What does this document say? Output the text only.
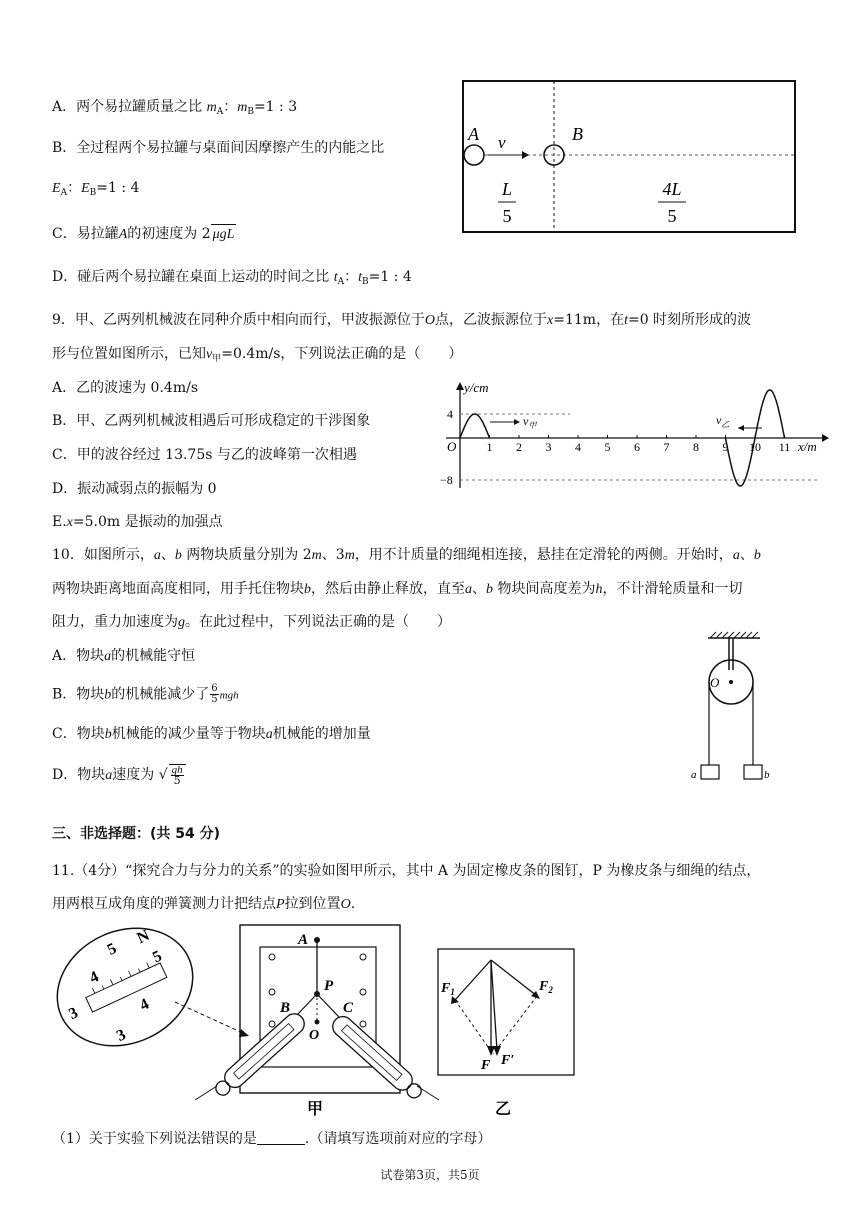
A．两个易拉罐质量之比 $m_A$：$m_B=1$ : 3
B．全过程两个易拉罐与桌面间因摩擦产生的内能之比
$E_A$：$E_B=1$ : 4
C．易拉罐A的初速度为 2 μgL
D．碰后两个易拉罐在桌面上运动的时间之比 $t_A$：$t_B=1$ : 4
A v	B
L
5
4L
5
9．甲、乙两列机械波在同种介质中相向而行，甲波振源位于O点，乙波振源位于x=11m，在t=0 时刻所形成的波
形与位置如图所示，已知$v_甲=0.4m/s$，下列说法正确的是（　　）
A．乙的波速为 0.4m/s
B．甲、乙两列机械波相遇后可形成稳定的干涉图象
C．甲的波谷经过 13.75s 与乙的波峰第一次相遇
D．振动减弱点的振幅为 0
E.x=5.0m 是振动的加强点
y/cm
x/m
O
4
−8
1 2 3 4 5 6 7 8 9 10 11
$v_甲$	$v_乙$
10．如图所示，a、b 两物块质量分别为 2m、3m，用不计质量的细绳相连接，悬挂在定滑轮的两侧。开始时，a、b
两物块距离地面高度相同，用手托住物块b，然后由静止释放，直至a、b 物块间高度差为h，不计滑轮质量和一切
阻力，重力加速度为g。在此过程中，下列说法正确的是（　　）
A．物块a的机械能守恒
B．物块b的机械能减少了 $\frac{6}{5}$ mgh
C．物块b机械能的减少量等于物块a机械能的增加量
D．物块a速度为 √ $\frac{gh}{5}$
O
a	b
三、非选择题：(共 54 分)
11.（4分）“探究合力与分力的关系”的实验如图甲所示，其中 A 为固定橡皮条的图钉，P 为橡皮条与细绳的结点，
用两根互成角度的弹簧测力计把结点P拉到位置O.
4
5
N
5
4
3
3
A
P
O
B	C
甲
$F_1$	$F_2$
F F′
乙
（1）关于实验下列说法错误的是	.（请填写选项前对应的字母）
试卷第3页，共5页
